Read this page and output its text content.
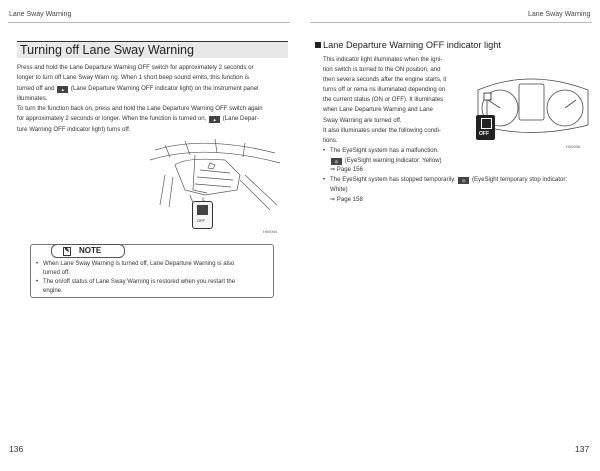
Lane Sway Warning	Lane Sway Warning
Turning off Lane Sway Warning
Press and hold the Lane Departure Warning OFF switch for approximately 2 seconds or
longer to turn off Lane Sway Warn ng. When 1 short beep sound emits, this function is
turned off and ▲ (Lane Departure Warning OFF indicator light) on the instrument panel
illuminates.
To turn the function back on, press and hold the Lane Departure Warning OFF switch again
for approximately 2 seconds or longer. When the function is turned on, ▲ (Lane Depar-
ture Warning OFF indicator light) turns off.
OFF
H00004
✎ NOTE
• When Lane Sway Warning is turned off, Lane Departure Warning is also
turned off.
• The on/off status of Lane Sway Warning is restored when you restart the
engine.
136
Lane Departure Warning OFF indicator light
This indicator light illuminates when the igni-
tion switch is turned to the ON position, and
then severa seconds after the engine starts, it
turns off or rema ns illuminated depending on
the current status (ON or OFF). It illuminates
when Lane Departure Warning and Lane
Sway Warning are turned off.
It also illuminates under the following condi-
tions.
• The EyeSight system has a malfunction.
◎ (EyeSight warning indicator: Yellow)
⇒ Page 156
• The EyeSight system has stopped temporarily. ◎ (EyeSight temporary stop indicator:
White)
⇒ Page 158
OFF
H00006
137
